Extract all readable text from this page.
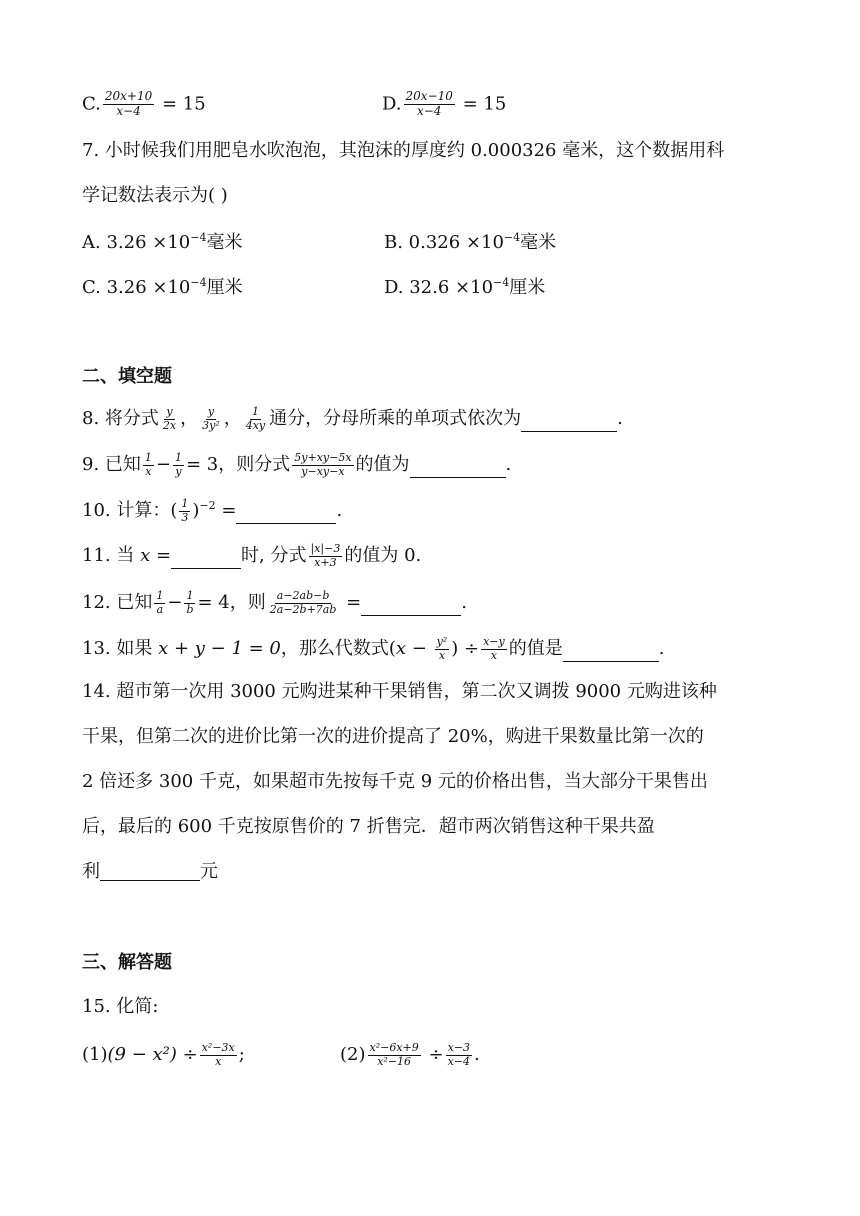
C. $\frac{20x+10}{x-4} = 15$	D. $\frac{20x-10}{x-4} = 15$
7. 小时候我们用肥皂水吹泡泡，其泡沫的厚度约 0.000326 毫米，这个数据用科
学记数法表示为( )
A. $3.26 \times 10^{-4}$毫米	B. $0.326 \times 10^{-4}$毫米
C. $3.26 \times 10^{-4}$厘米	D. $32.6 \times 10^{-4}$厘米
二、填空题
8. 将分式 $\frac{y}{2x}$ ， $\frac{y}{\text{3y²}}$ ， $\frac{1}{4xy}$ 通分，分母所乘的单项式依次为	.
9. 已知 $\frac{1}{x} - \frac{1}{y} = 3$，则分式 $\frac{5y+xy-5x}{y-xy-x}$ 的值为	.
10. 计算：( $\frac{1}{3} )^{-2}$ =	.
11. 当 x =	时, 分式 $\frac{|x|-3}{x+3}$ 的值为 0.
12. 已知 $\frac{1}{a} - \frac{1}{b} = 4$，则 $\frac{a-2ab-b}{2a-2b+7ab}$ =	.
13. 如果 x + y − 1 = 0，那么代数式($x - \frac{\text{y²}}{x}$ ) ÷ $\frac{x-y}{x}$ 的值是	.
14. 超市第一次用 3000 元购进某种干果销售，第二次又调拨 9000 元购进该种
干果，但第二次的进价比第一次的进价提高了 20%，购进干果数量比第一次的
2 倍还多 300 千克，如果超市先按每千克 9 元的价格出售，当大部分干果售出
后，最后的 600 千克按原售价的 7 折售完．超市两次销售这种干果共盈
利	元
三、解答题
15. 化简:
$(1)(9 - x^2) \div \frac{\text{x²−3x}}{x}$ ;	$(2) \frac{\text{x²−6x+9}}{\text{x²−16}} \div \frac{x-3}{x-4}$ .
